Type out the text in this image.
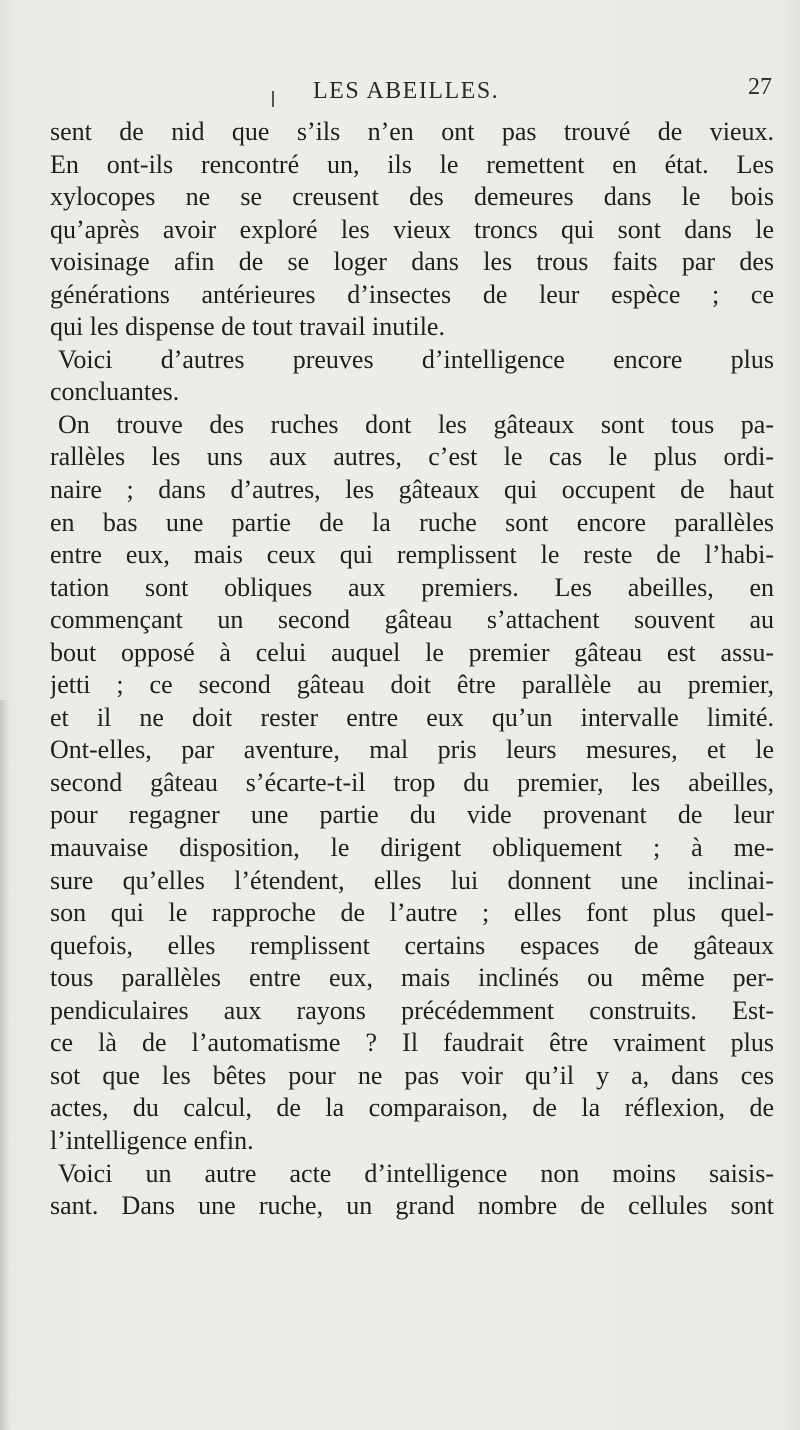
LES ABEILLES.	27
sent de nid que s’ils n’en ont pas trouvé de vieux.
En ont-ils rencontré un, ils le remettent en état. Les
xylocopes ne se creusent des demeures dans le bois
qu’après avoir exploré les vieux troncs qui sont dans le
voisinage afin de se loger dans les trous faits par des
générations antérieures d’insectes de leur espèce ; ce
qui les dispense de tout travail inutile.
Voici d’autres preuves d’intelligence encore plus
concluantes.
On trouve des ruches dont les gâteaux sont tous pa-
rallèles les uns aux autres, c’est le cas le plus ordi-
naire ; dans d’autres, les gâteaux qui occupent de haut
en bas une partie de la ruche sont encore parallèles
entre eux, mais ceux qui remplissent le reste de l’habi-
tation sont obliques aux premiers. Les abeilles, en
commençant un second gâteau s’attachent souvent au
bout opposé à celui auquel le premier gâteau est assu-
jetti ; ce second gâteau doit être parallèle au premier,
et il ne doit rester entre eux qu’un intervalle limité.
Ont-elles, par aventure, mal pris leurs mesures, et le
second gâteau s’écarte-t-il trop du premier, les abeilles,
pour regagner une partie du vide provenant de leur
mauvaise disposition, le dirigent obliquement ; à me-
sure qu’elles l’étendent, elles lui donnent une inclinai-
son qui le rapproche de l’autre ; elles font plus quel-
quefois, elles remplissent certains espaces de gâteaux
tous parallèles entre eux, mais inclinés ou même per-
pendiculaires aux rayons précédemment construits. Est-
ce là de l’automatisme ? Il faudrait être vraiment plus
sot que les bêtes pour ne pas voir qu’il y a, dans ces
actes, du calcul, de la comparaison, de la réflexion, de
l’intelligence enfin.
Voici un autre acte d’intelligence non moins saisis-
sant. Dans une ruche, un grand nombre de cellules sont
